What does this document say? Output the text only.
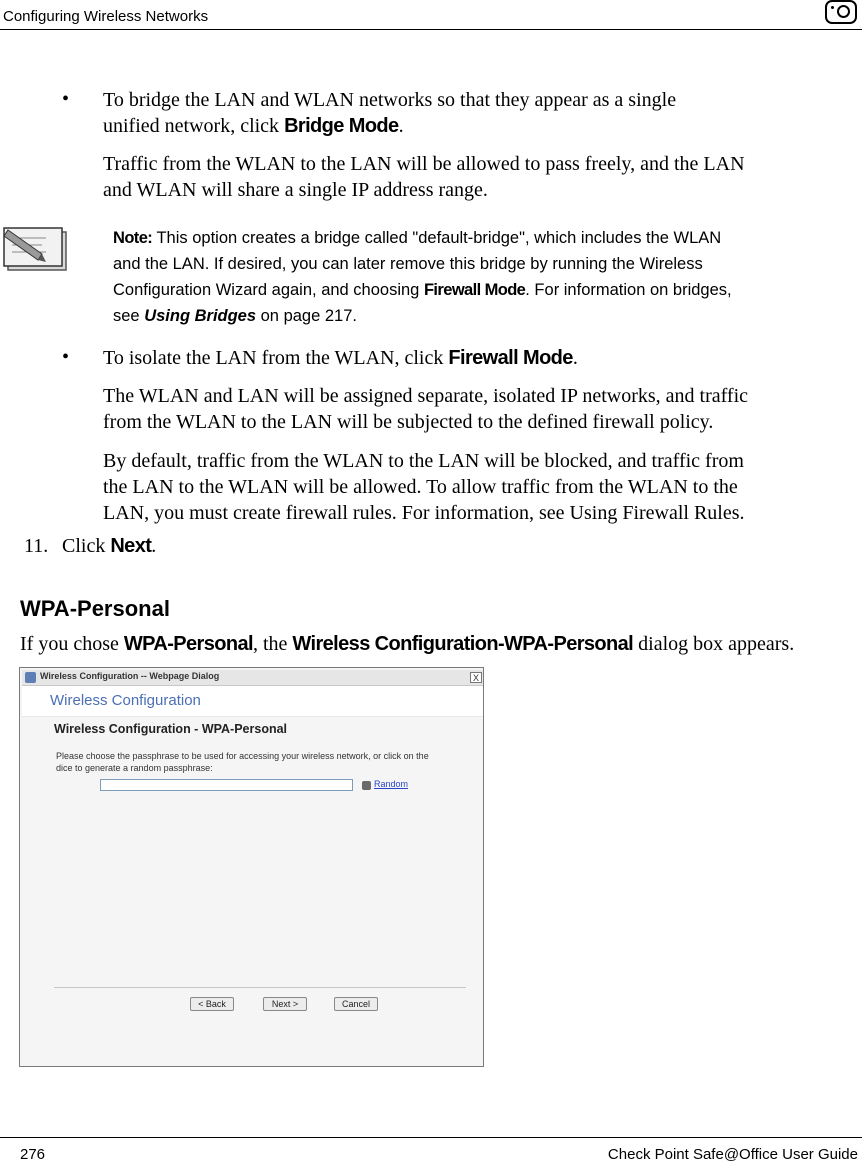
Configuring Wireless Networks
• To bridge the LAN and WLAN networks so that they appear as a single
unified network, click Bridge Mode.
Traffic from the WLAN to the LAN will be allowed to pass freely, and the LAN
and WLAN will share a single IP address range.
Note: This option creates a bridge called "default-bridge", which includes the WLAN
and the LAN. If desired, you can later remove this bridge by running the Wireless
Configuration Wizard again, and choosing Firewall Mode. For information on bridges,
see Using Bridges on page 217.
• To isolate the LAN from the WLAN, click Firewall Mode.
The WLAN and LAN will be assigned separate, isolated IP networks, and traffic
from the WLAN to the LAN will be subjected to the defined firewall policy.
By default, traffic from the WLAN to the LAN will be blocked, and traffic from
the LAN to the WLAN will be allowed. To allow traffic from the WLAN to the
LAN, you must create firewall rules. For information, see Using Firewall Rules.
11. Click Next.
WPA-Personal
If you chose WPA-Personal, the Wireless Configuration-WPA-Personal dialog box appears.
Wireless Configuration -- Webpage Dialog	X
Wireless Configuration
Wireless Configuration - WPA-Personal
Please choose the passphrase to be used for accessing your wireless network, or click on the
dice to generate a random passphrase:
Random
< Back	Next >	Cancel
276	Check Point Safe@Office User Guide
